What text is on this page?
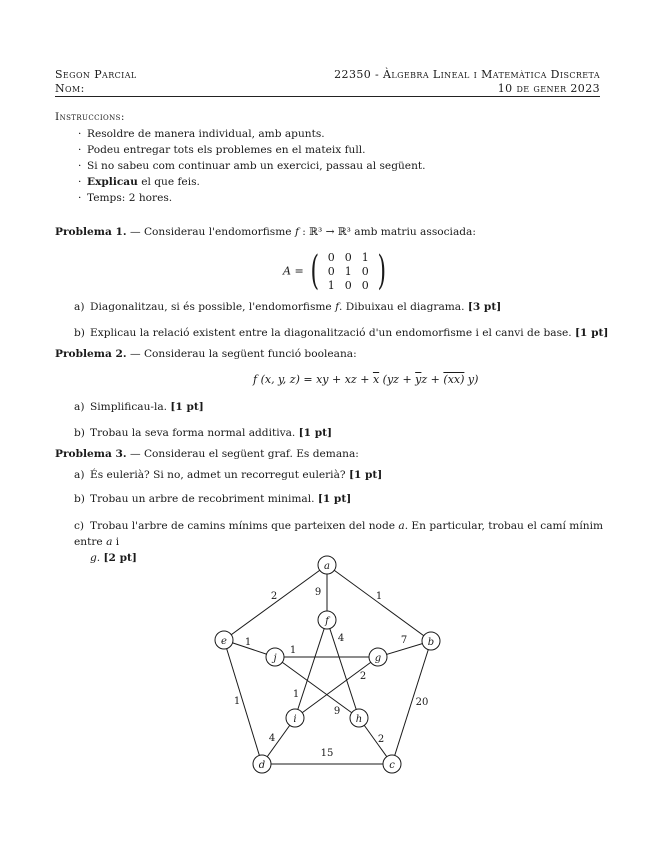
Segon Parcial
Nom:
22350 - Àlgebra Lineal i Matemàtica Discreta
10 de gener 2023
Instruccions:
· Resoldre de manera individual, amb apunts.
· Podeu entregar tots els problemes en el mateix full.
· Si no sabeu com continuar amb un exercici, passau al següent.
· Explicau el que feis.
· Temps: 2 hores.
Problema 1. — Considerau l'endomorfisme f : ℝ³ → ℝ³ amb matriu associada:
A = ( 0	0	1
0	1	0
1	0	0 )
a) Diagonalitzau, si és possible, l'endomorfisme f. Dibuixau el diagrama. [3 pt]
b) Explicau la relació existent entre la diagonalització d'un endomorfisme i el canvi de base. [1 pt]
Problema 2. — Considerau la següent funció booleana:
f (x, y, z) = xy + xz + $\overline{x}$ ($yz + \overline{y}z + (xx)$ y)
a) Simplificau-la. [1 pt]
b) Trobau la seva forma normal additiva. [1 pt]
Problema 3. — Considerau el següent graf. Es demana:
a) És eulerià? Si no, admet un recorregut eulerià? [1 pt]
b) Trobau un arbre de recobriment minimal. [1 pt]
c) Trobau l'arbre de camins mínims que parteixen del node a. En particular, trobau el camí mínim entre a i
g. [2 pt]
2	1
9
4	7
1
1
2
1
9
1
4
15
2
20
a
b
c
d
e
f
g
h
i
j
